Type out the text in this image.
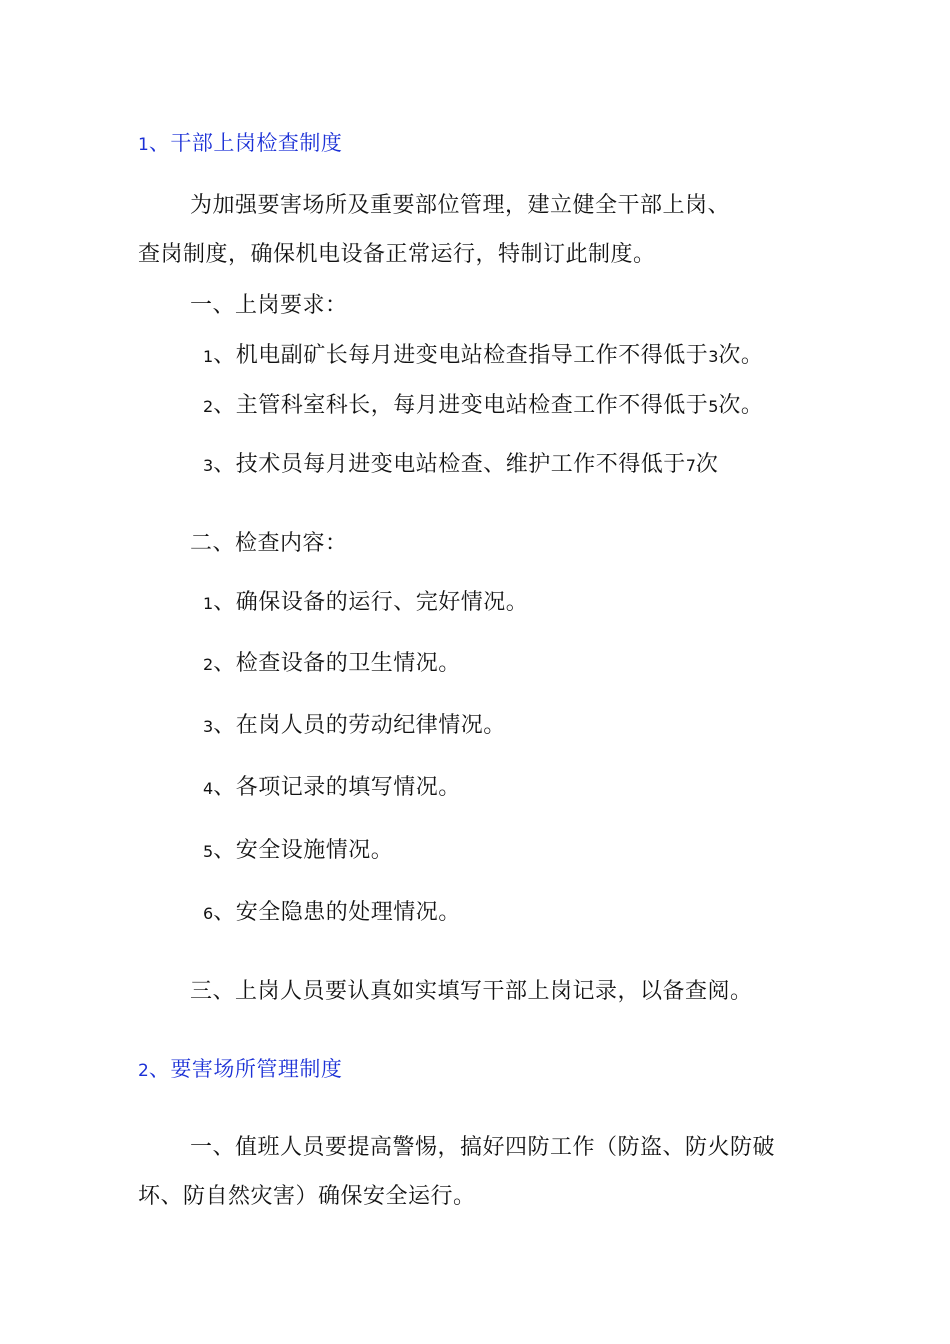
1、干部上岗检查制度
为加强要害场所及重要部位管理，建立健全干部上岗、
查岗制度，确保机电设备正常运行，特制订此制度。
一、上岗要求：
1、机电副矿长每月进变电站检查指导工作不得低于3次。
2、主管科室科长，每月进变电站检查工作不得低于5次。
3、技术员每月进变电站检查、维护工作不得低于7次
二、检查内容：
1、确保设备的运行、完好情况。
2、检查设备的卫生情况。
3、在岗人员的劳动纪律情况。
4、各项记录的填写情况。
5、安全设施情况。
6、安全隐患的处理情况。
三、上岗人员要认真如实填写干部上岗记录，以备查阅。
2、要害场所管理制度
一、值班人员要提高警惕，搞好四防工作（防盗、防火防破
坏、防自然灾害）确保安全运行。
